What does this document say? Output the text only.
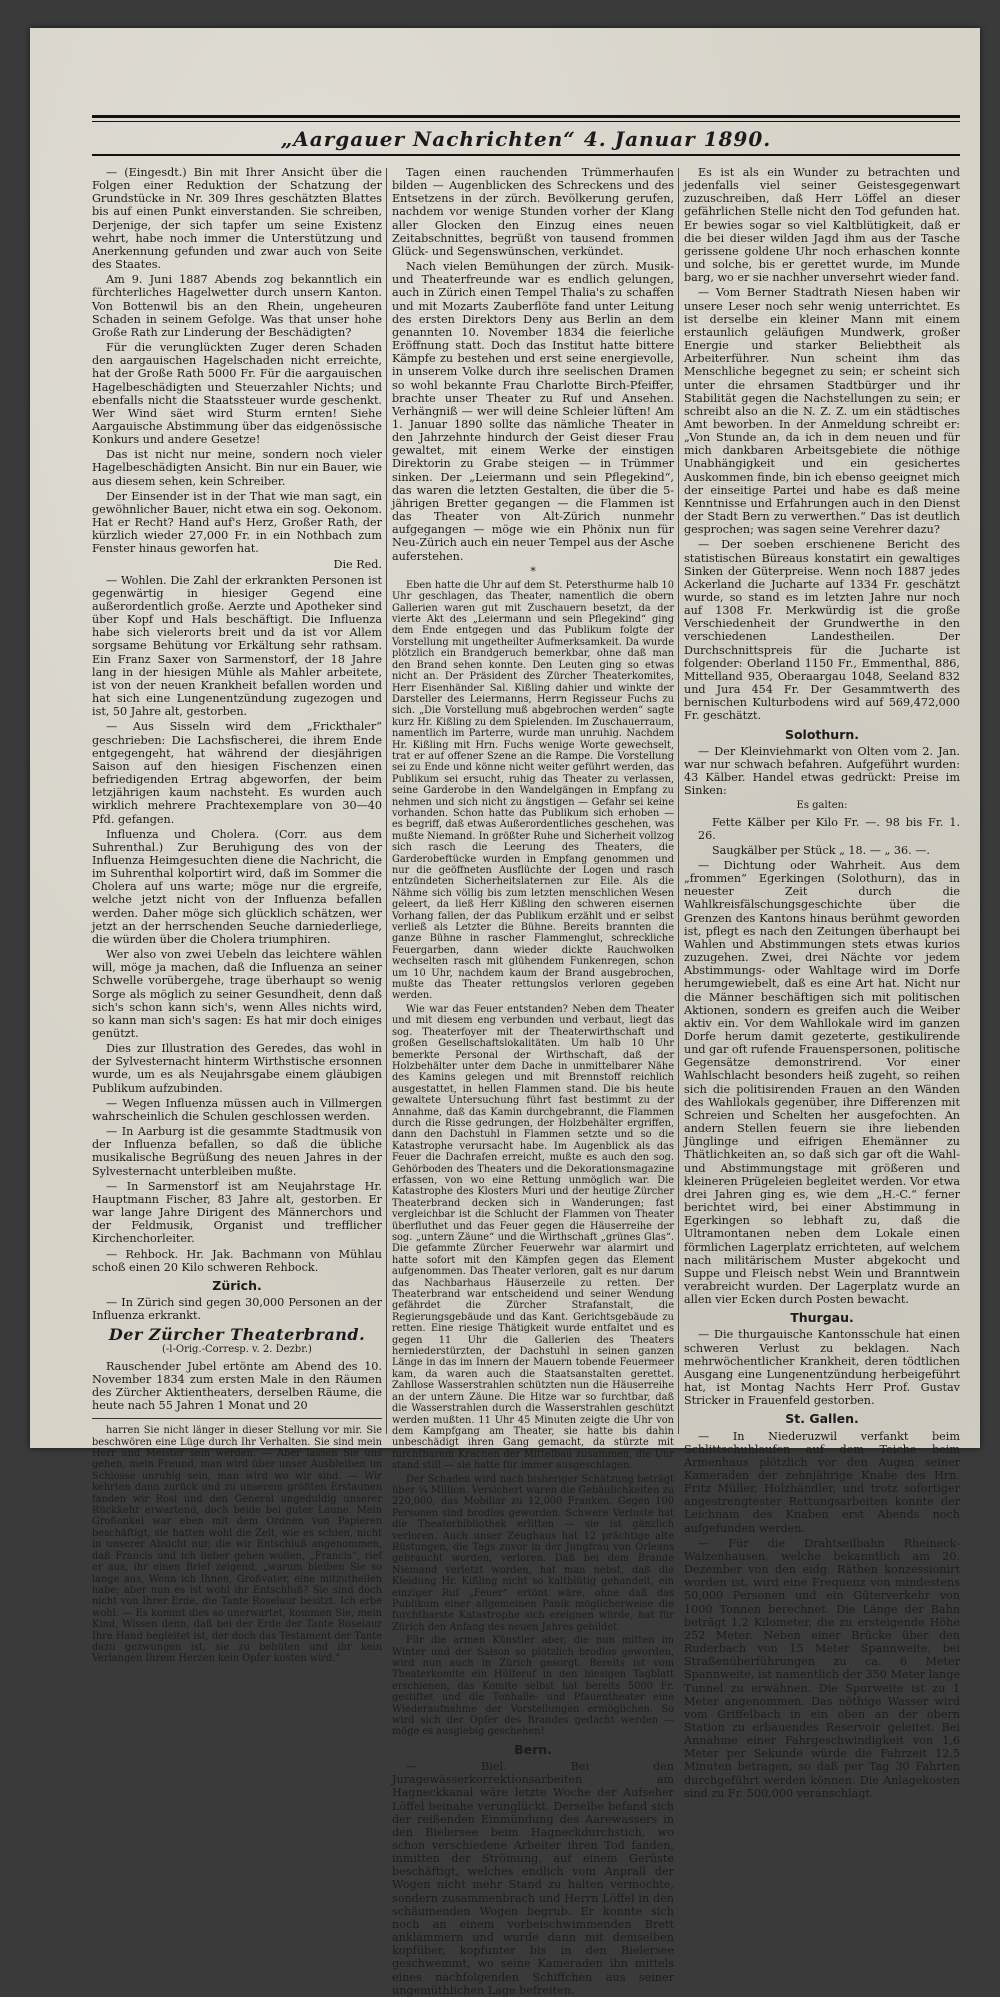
„Aargauer Nachrichten“ 4. Januar 1890.

— (Eingesdt.) Bin mit Ihrer Ansicht über die Folgen einer Reduktion der Schatzung der Grundstücke in Nr. 309 Ihres geschätzten Blattes bis auf einen Punkt einverstanden. Sie schreiben, Derjenige, der sich tapfer um seine Existenz wehrt, habe noch immer die Unterstützung und Anerkennung gefunden und zwar auch von Seite des Staates.

Am 9. Juni 1887 Abends zog bekanntlich ein fürchterliches Hagelwetter durch unsern Kanton. Von Bottenwil bis an den Rhein, ungeheuren Schaden in seinem Gefolge. Was that unser hohe Große Rath zur Linderung der Beschädigten?

Für die verunglückten Zuger deren Schaden den aargauischen Hagelschaden nicht erreichte, hat der Große Rath 5000 Fr. Für die aargauischen Hagelbeschädigten und Steuerzahler Nichts; und ebenfalls nicht die Staatssteuer wurde geschenkt. Wer Wind säet wird Sturm ernten! Siehe Aargauische Abstimmung über das eidgenössische Konkurs und andere Gesetze!

Das ist nicht nur meine, sondern noch vieler Hagelbeschädigten Ansicht. Bin nur ein Bauer, wie aus diesem sehen, kein Schreiber.

Der Einsender ist in der That wie man sagt, ein gewöhnlicher Bauer, nicht etwa ein sog. Oekonom. Hat er Recht? Hand auf's Herz, Großer Rath, der kürzlich wieder 27,000 Fr. in ein Nothbach zum Fenster hinaus geworfen hat.

Die Red.

— Wohlen. Die Zahl der erkrankten Personen ist gegenwärtig in hiesiger Gegend eine außerordentlich große. Aerzte und Apotheker sind über Kopf und Hals beschäftigt. Die Influenza habe sich vielerorts breit und da ist vor Allem sorgsame Behütung vor Erkältung sehr rathsam. Ein Franz Saxer von Sarmenstorf, der 18 Jahre lang in der hiesigen Mühle als Mahler arbeitete, ist von der neuen Krankheit befallen worden und hat sich eine Lungenentzündung zugezogen und ist, 50 Jahre alt, gestorben.

— Aus Sisseln wird dem „Frickthaler“ geschrieben: Die Lachsfischerei, die ihrem Ende entgegengeht, hat während der diesjährigen Saison auf den hiesigen Fischenzen einen befriedigenden Ertrag abgeworfen, der beim letzjährigen kaum nachsteht. Es wurden auch wirklich mehrere Prachtexemplare von 30—40 Pfd. gefangen.

Influenza und Cholera. (Corr. aus dem Suhrenthal.) Zur Beruhigung des von der Influenza Heimgesuchten diene die Nachricht, die im Suhrenthal kolportirt wird, daß im Sommer die Cholera auf uns warte; möge nur die ergreife, welche jetzt nicht von der Influenza befallen werden. Daher möge sich glücklich schätzen, wer jetzt an der herrschenden Seuche darniederliege, die würden über die Cholera triumphiren.

Wer also von zwei Uebeln das leichtere wählen will, möge ja machen, daß die Influenza an seiner Schwelle vorübergehe, trage überhaupt so wenig Sorge als möglich zu seiner Gesundheit, denn daß sich's schon kann sich's, wenn Alles nichts wird, so kann man sich's sagen: Es hat mir doch einiges genützt.

Dies zur Illustration des Geredes, das wohl in der Sylvesternacht hinterm Wirthstische ersonnen wurde, um es als Neujahrsgabe einem gläubigen Publikum aufzubinden.

— Wegen Influenza müssen auch in Villmergen wahrscheinlich die Schulen geschlossen werden.

— In Aarburg ist die gesammte Stadtmusik von der Influenza befallen, so daß die übliche musikalische Begrüßung des neuen Jahres in der Sylvesternacht unterbleiben mußte.

— In Sarmenstorf ist am Neujahrstage Hr. Hauptmann Fischer, 83 Jahre alt, gestorben. Er war lange Jahre Dirigent des Männerchors und der Feldmusik, Organist und trefflicher Kirchenchorleiter.

— Rehbock. Hr. Jak. Bachmann von Mühlau schoß einen 20 Kilo schweren Rehbock.

Zürich.

— In Zürich sind gegen 30,000 Personen an der Influenza erkrankt.

Der Zürcher Theaterbrand.
(-l-Orig.-Corresp. v. 2. Dezbr.)

Rauschender Jubel ertönte am Abend des 10. November 1834 zum ersten Male in den Räumen des Zürcher Aktientheaters, derselben Räume, die heute nach 55 Jahren 1 Monat und 20

harren Sie nicht länger in dieser Stellung vor mir. Sie beschwören eine Lüge durch Ihr Verhalten. Sie sind mein Herr und Meister sein werden. — Aber lassen Sie uns gehen, mein Freund, man wird über unser Ausbleiben im Schlosse unruhig sein, man wird wo wir sind. — Wir kehrten dann zurück und zu unserem größten Erstaunen fanden wir Rosi und den General ungeduldig unserer Rückkehr erwartend, doch beide bei guter Laune. Mein Großonkel war eben mit dem Ordnen von Papieren beschäftigt, sie hatten wohl die Zeit, wie es schien, nicht in unserer Absicht nur, die wir Entschluß angenommen, daß Francis und ich lieber gehen wollen, „Francis“, rief er aus, ihr einen Brief zeigend, „warum bleiben Sie so lange aus, Wenn ich Ihnen, Großvater, eine mitzutheilen habe; aber nun es ist wohl ihr Entschluß? Sie sind doch nicht von Ihrer Erde, die Tante Roselaur besitzt. Ich erbe wohl. — Es kommt dies so unerwartet, kommen Sie, mein Kind, Wissen denn, daß bei der Erde der Tante Roselaur Ihre Hand begleitet ist, der doch das Testament der Tante dazu gezwungen ist, sie zu behüten und ihr kein Verlangen Ihrem Herzen kein Opfer kosten wird.“

Tagen einen rauchenden Trümmerhaufen bilden — Augenblicken des Schreckens und des Entsetzens in der zürch. Bevölkerung gerufen, nachdem vor wenige Stunden vorher der Klang aller Glocken den Einzug eines neuen Zeitabschnittes, begrüßt von tausend frommen Glück- und Segenswünschen, verkündet.

Nach vielen Bemühungen der zürch. Musik- und Theaterfreunde war es endlich gelungen, auch in Zürich einen Tempel Thalia's zu schaffen und mit Mozarts Zauberflöte fand unter Leitung des ersten Direktors Deny aus Berlin an dem genannten 10. November 1834 die feierliche Eröffnung statt. Doch das Institut hatte bittere Kämpfe zu bestehen und erst seine energievolle, in unserem Volke durch ihre seelischen Dramen so wohl bekannte Frau Charlotte Birch-Pfeiffer, brachte unser Theater zu Ruf und Ansehen. Verhängniß — wer will deine Schleier lüften! Am 1. Januar 1890 sollte das nämliche Theater in den Jahrzehnte hindurch der Geist dieser Frau gewaltet, mit einem Werke der einstigen Direktorin zu Grabe steigen — in Trümmer sinken. Der „Leiermann und sein Pflegekind“, das waren die letzten Gestalten, die über die 5-jährigen Bretter gegangen — die Flammen ist das Theater von Alt-Zürich nunmehr aufgegangen — möge wie ein Phönix nun für Neu-Zürich auch ein neuer Tempel aus der Asche auferstehen.

*

Eben hatte die Uhr auf dem St. Petersthurme halb 10 Uhr geschlagen, das Theater, namentlich die obern Gallerien waren gut mit Zuschauern besetzt, da der vierte Akt des „Leiermann und sein Pflegekind“ ging dem Ende entgegen und das Publikum folgte der Vorstellung mit ungetheilter Aufmerksamkeit. Da wurde plötzlich ein Brandgeruch bemerkbar, ohne daß man den Brand sehen konnte. Den Leuten ging so etwas nicht an. Der Präsident des Zürcher Theaterkomites, Herr Eisenhänder Sal. Kißling dahier und winkte der Darsteller des Leiermanns, Herrn Regisseur Fuchs zu sich. „Die Vorstellung muß abgebrochen werden“ sagte kurz Hr. Kißling zu dem Spielenden. Im Zuschauerraum, namentlich im Parterre, wurde man unruhig. Nachdem Hr. Kißling mit Hrn. Fuchs wenige Worte gewechselt, trat er auf offener Szene an die Rampe. Die Vorstellung sei zu Ende und könne nicht weiter geführt werden, das Publikum sei ersucht, ruhig das Theater zu verlassen, seine Garderobe in den Wandelgängen in Empfang zu nehmen und sich nicht zu ängstigen — Gefahr sei keine vorhanden. Schon hatte das Publikum sich erhoben — es begriff, daß etwas Außerordentliches geschehen, was mußte Niemand. In größter Ruhe und Sicherheit vollzog sich rasch die Leerung des Theaters, die Garderobeftücke wurden in Empfang genommen und nur die geöffneten Ausflüchte der Logen und rasch entzündeten Sicherheitslaternen zur Eile. Als die Nähme sich völlig bis zum letzten menschlichen Wesen geleert, da ließ Herr Kißling den schweren eisernen Vorhang fallen, der das Publikum erzählt und er selbst verließ als Letzter die Bühne. Bereits brannten die ganze Bühne in rascher Flammenglut, schreckliche Feuergarben, dann wieder dickte Rauchwolken wechselten rasch mit glühendem Funkenregen, schon um 10 Uhr, nachdem kaum der Brand ausgebrochen, mußte das Theater rettungslos verloren gegeben werden.

Wie war das Feuer entstanden? Neben dem Theater und mit diesem eng verbunden und verbaut, liegt das sog. Theaterfoyer mit der Theaterwirthschaft und großen Gesellschaftslokalitäten. Um halb 10 Uhr bemerkte Personal der Wirthschaft, daß der Holzbehälter unter dem Dache in unmittelbarer Nähe des Kamins gelegen und mit Brennstoff reichlich ausgestattet, in hellen Flammen stand. Die bis heute gewaltete Untersuchung führt fast bestimmt zu der Annahme, daß das Kamin durchgebrannt, die Flammen durch die Risse gedrungen, der Holzbehälter ergriffen, dann den Dachstuhl in Flammen setzte und so die Katastrophe verursacht habe. Im Augenblick als das Feuer die Dachrafen erreicht, mußte es auch den sog. Gehörboden des Theaters und die Dekorationsmagazine erfassen, von wo eine Rettung unmöglich war. Die Katastrophe des Klosters Muri und der heutige Zürcher Theaterbrand decken sich in Wanderungen; fast vergleichbar ist die Schlucht der Flammen von Theater überfluthet und das Feuer gegen die Häuserreihe der sog. „untern Zäune“ und die Wirthschaft „grünes Glas“. Die gefammte Zürcher Feuerwehr war alarmirt und hatte sofort mit den Kämpfen gegen das Element aufgenommen. Das Theater verloren, galt es nur darum das Nachbarhaus Häuserzeile zu retten. Der Theaterbrand war entscheidend und seiner Wendung gefährdet die Zürcher Strafanstalt, die Regierungsgebäude und das Kant. Gerichtsgebäude zu retten. Eine riesige Thätigkeit wurde entfaltet und es gegen 11 Uhr die Gallerien des Theaters herniederstürzten, der Dachstuhl in seinen ganzen Länge in das im Innern der Mauern tobende Feuermeer kam, da waren auch die Staatsanstalten gerettet. Zahllose Wasserstrahlen schützten nun die Häuserreihe an der untern Zäune. Die Hitze war so furchtbar, daß die Wasserstrahlen durch die Wasserstrahlen geschützt werden mußten. 11 Uhr 45 Minuten zeigte die Uhr von dem Kampfgang am Theater, sie hatte bis dahin unbeschädigt ihren Gang gemacht, da stürzte mit furchtbarem Krachen der Mittelbau zusammen, die Uhr stand still — sie hatte für immer ausgeschlagen.

Der Schaden wird nach bisheriger Schätzung beträgt über ¼ Million. Versichert waren die Gebäulichkeiten zu 220,000, das Mobiliar zu 12,000 Franken. Gegen 100 Personen sind brodlos geworden. Schwere Verluste hat die Theaterbibliothek erlitten — sie ist gänzlich verloren. Auch unser Zeughaus hat 12 prächtige alte Rüstungen, die Tags zuvor in der Jungfrau von Orleans gebraucht worden, verloren. Daß bei dem Brande Niemand verletzt worden, hat man nebst, daß die Kleidung Hr. Kißling nicht so kaltblütig gehandelt, ein einziger Ruf „Feuer“ ertönt wäre, ohne daß das Publikum einer allgemeinen Panik möglicherweise die furchtbarste Katastrophe sich ereignen würde, hat für Zürich den Anfang des neuen Jahres gebildet.

Für die armen Künstler aber, die nun mitten im Winter und der Saison so plötzlich brodlos geworden, wird nun auch in Zürich gesorgt. Bereits ist vom Theaterkomite ein Hülferuf in den hiesigen Tagblatt erschienen, das Komite selbst hat bereits 5000 Fr. gestiftet und die Tonhalle- und Pfauentheater eine Wiederaufnahme der Vorstellungen ermöglichen. So wird sich der Opfer des Brandes gedacht werden — möge es ausgiebig geschehen!

Bern.

— Biel. Bei den Juragewässerkorrektionsarbeiten am Hagneckkanal wäre letzte Woche der Aufseher Löffel beinahe verunglückt. Derselbe befand sich der reißenden Einmündung des Aarewassers in den Bielersee beim Hagneckdurchstich, wo schon verschiedene Arbeiter ihren Tod fanden, inmitten der Strömung, auf einem Gerüste beschäftigt, welches endlich vom Anprall der Wogen nicht mehr Stand zu halten vermochte, sondern zusammenbrach und Herrn Löffel in den schäumenden Wogen begrub. Er konnte sich noch an einem vorbeischwimmenden Brett anklammern und wurde dann mit demselben kopfüber, kopfunter bis in den Bielersee geschwemmt, wo seine Kameraden ihn mittels eines nachfolgenden Schiffchen aus seiner ungemüthlichen Lage befreiten.

Es ist als ein Wunder zu betrachten und jedenfalls viel seiner Geistesgegenwart zuzuschreiben, daß Herr Löffel an dieser gefährlichen Stelle nicht den Tod gefunden hat. Er bewies sogar so viel Kaltblütigkeit, daß er die bei dieser wilden Jagd ihm aus der Tasche gerissene goldene Uhr noch erhaschen konnte und solche, bis er gerettet wurde, im Munde barg, wo er sie nachher unversehrt wieder fand.

— Vom Berner Stadtrath Niesen haben wir unsere Leser noch sehr wenig unterrichtet. Es ist derselbe ein kleiner Mann mit einem erstaunlich geläufigen Mundwerk, großer Energie und starker Beliebtheit als Arbeiterführer. Nun scheint ihm das Menschliche begegnet zu sein; er scheint sich unter die ehrsamen Stadtbürger und ihr Stabilität gegen die Nachstellungen zu sein; er schreibt also an die N. Z. Z. um ein städtisches Amt beworben. In der Anmeldung schreibt er: „Von Stunde an, da ich in dem neuen und für mich dankbaren Arbeitsgebiete die nöthige Unabhängigkeit und ein gesichertes Auskommen finde, bin ich ebenso geeignet mich der einseitige Partei und habe es daß meine Kenntnisse und Erfahrungen auch in den Dienst der Stadt Bern zu verwerthen.“ Das ist deutlich gesprochen; was sagen seine Verehrer dazu?

— Der soeben erschienene Bericht des statistischen Büreaus konstatirt ein gewaltiges Sinken der Güterpreise. Wenn noch 1887 jedes Ackerland die Jucharte auf 1334 Fr. geschätzt wurde, so stand es im letzten Jahre nur noch auf 1308 Fr. Merkwürdig ist die große Verschiedenheit der Grundwerthe in den verschiedenen Landestheilen. Der Durchschnittspreis für die Jucharte ist folgender: Oberland 1150 Fr., Emmenthal, 886, Mittelland 935, Oberaargau 1048, Seeland 832 und Jura 454 Fr. Der Gesammtwerth des bernischen Kulturbodens wird auf 569,472,000 Fr. geschätzt.

Solothurn.

— Der Kleinviehmarkt von Olten vom 2. Jan. war nur schwach befahren. Aufgeführt wurden: 43 Kälber. Handel etwas gedrückt: Preise im Sinken:

Es galten:

Fette Kälber per Kilo Fr. —. 98 bis Fr. 1. 26.

Saugkälber per Stück „ 18. — „ 36. —.

— Dichtung oder Wahrheit. Aus dem „frommen“ Egerkingen (Solothurn), das in neuester Zeit durch die Wahlkreisfälschungsgeschichte über die Grenzen des Kantons hinaus berühmt geworden ist, pflegt es nach den Zeitungen überhaupt bei Wahlen und Abstimmungen stets etwas kurios zuzugehen. Zwei, drei Nächte vor jedem Abstimmungs- oder Wahltage wird im Dorfe herumgewiebelt, daß es eine Art hat. Nicht nur die Männer beschäftigen sich mit politischen Aktionen, sondern es greifen auch die Weiber aktiv ein. Vor dem Wahllokale wird im ganzen Dorfe herum damit gezeterte, gestikulirende und gar oft rufende Frauenspersonen, politische Gegensätze demonstrirend. Vor einer Wahlschlacht besonders heiß zugeht, so reihen sich die politisirenden Frauen an den Wänden des Wahllokals gegenüber, ihre Differenzen mit Schreien und Schelten her ausgefochten. An andern Stellen feuern sie ihre liebenden Jünglinge und eifrigen Ehemänner zu Thätlichkeiten an, so daß sich gar oft die Wahl- und Abstimmungstage mit größeren und kleineren Prügeleien begleitet werden. Vor etwa drei Jahren ging es, wie dem „H.-C.“ ferner berichtet wird, bei einer Abstimmung in Egerkingen so lebhaft zu, daß die Ultramontanen neben dem Lokale einen förmlichen Lagerplatz errichteten, auf welchem nach militärischem Muster abgekocht und Suppe und Fleisch nebst Wein und Branntwein verabreicht wurden. Der Lagerplatz wurde an allen vier Ecken durch Posten bewacht.

Thurgau.

— Die thurgauische Kantonsschule hat einen schweren Verlust zu beklagen. Nach mehrwöchentlicher Krankheit, deren tödtlichen Ausgang eine Lungenentzündung herbeigeführt hat, ist Montag Nachts Herr Prof. Gustav Stricker in Frauenfeld gestorben.

St. Gallen.

— In Niederuzwil verfankt beim Schlittschuhlaufen auf dem Teiche beim Armenhaus plötzlich vor den Augen seiner Kameraden der zehnjährige Knabe des Hrn. Fritz Müller, Holzhändler, und trotz sofortiger angestrengtester Rettungsarbeiten konnte der Leichnam des Knaben erst Abends noch aufgefunden werden.

— Für die Drahtseilbahn Rheineck-Walzenhausen, welche bekanntlich am 20. Dezember von den eidg. Räthen konzessionirt worden ist, wird eine Frequenz von mindestens 50,000 Personen und ein Güterverkehr von 1000 Tonnen berechnet. Die Länge der Bahn beträgt 1,2 Kilometer, die zu ersteigende Höhe 252 Meter. Neben einer Brücke über den Ruderbach von 15 Meter Spannweite, bei Straßenüberführungen zu ca. 6 Meter Spannweite, ist namentlich der 350 Meter lange Tunnel zu erwähnen. Die Spurweite ist zu 1 Meter angenommen. Das nöthige Wasser wird vom Griffelbach in ein oben an der obern Station zu erbauendes Reservoir geleitet. Bei Annahme einer Fahrgeschwindigkeit von 1,6 Meter per Sekunde würde die Fahrzeit 12,5 Minuten betragen, so daß per Tag 30 Fahrten durchgeführt werden können. Die Anlagekosten sind zu Fr. 500,000 veranschlagt.
